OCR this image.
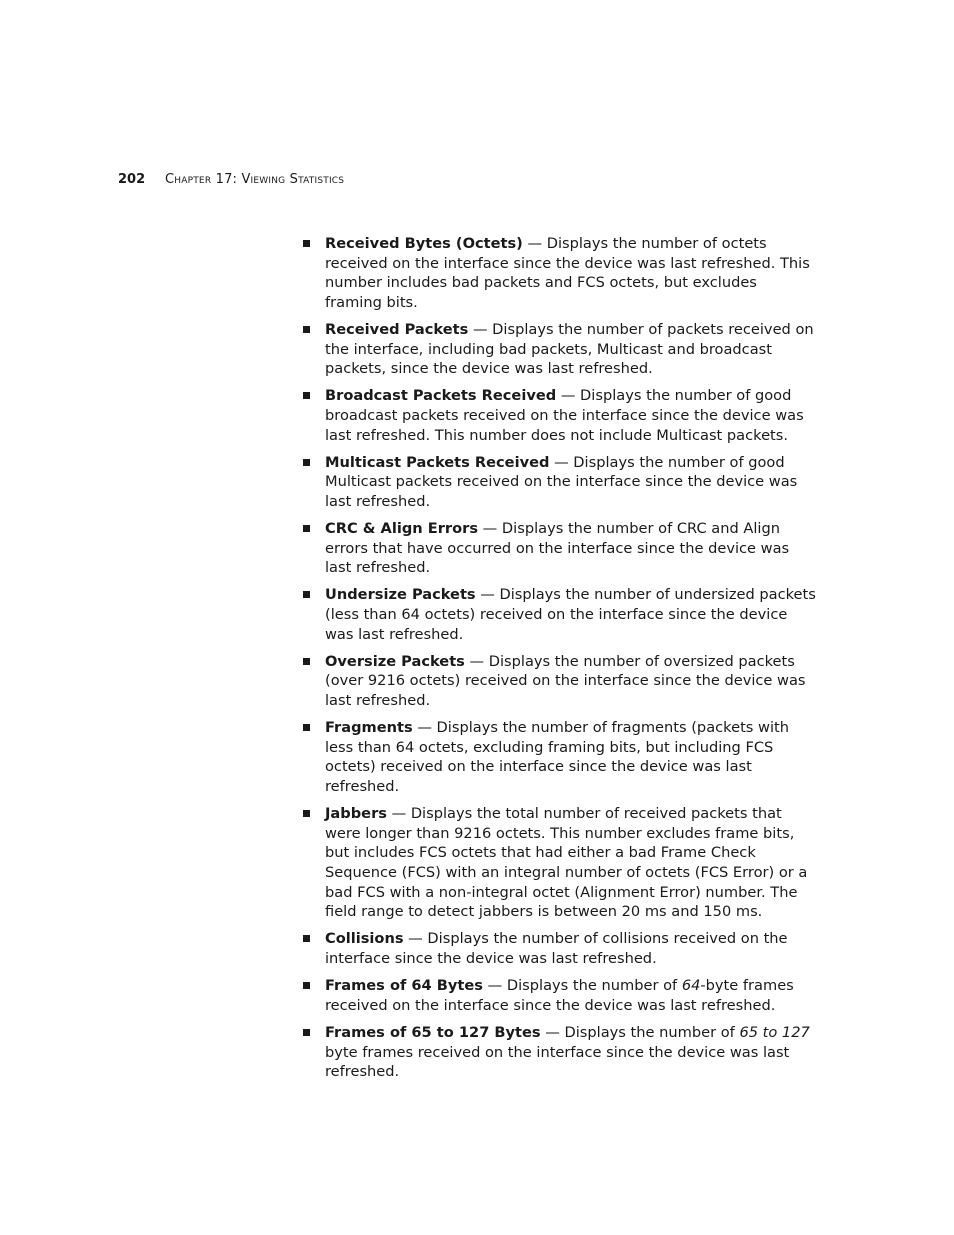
202 Chapter 17: Viewing Statistics
Received Bytes (Octets) — Displays the number of octets received on the interface since the device was last refreshed. This number includes bad packets and FCS octets, but excludes framing bits.
Received Packets — Displays the number of packets received on the interface, including bad packets, Multicast and broadcast packets, since the device was last refreshed.
Broadcast Packets Received — Displays the number of good broadcast packets received on the interface since the device was last refreshed. This number does not include Multicast packets.
Multicast Packets Received — Displays the number of good Multicast packets received on the interface since the device was last refreshed.
CRC & Align Errors — Displays the number of CRC and Align errors that have occurred on the interface since the device was last refreshed.
Undersize Packets — Displays the number of undersized packets (less than 64 octets) received on the interface since the device was last refreshed.
Oversize Packets — Displays the number of oversized packets (over 9216 octets) received on the interface since the device was last refreshed.
Fragments — Displays the number of fragments (packets with less than 64 octets, excluding framing bits, but including FCS octets) received on the interface since the device was last refreshed.
Jabbers — Displays the total number of received packets that were longer than 9216 octets. This number excludes frame bits, but includes FCS octets that had either a bad Frame Check Sequence (FCS) with an integral number of octets (FCS Error) or a bad FCS with a non-integral octet (Alignment Error) number. The field range to detect jabbers is between 20 ms and 150 ms.
Collisions — Displays the number of collisions received on the interface since the device was last refreshed.
Frames of 64 Bytes — Displays the number of 64-byte frames received on the interface since the device was last refreshed.
Frames of 65 to 127 Bytes — Displays the number of 65 to 127 byte frames received on the interface since the device was last refreshed.
